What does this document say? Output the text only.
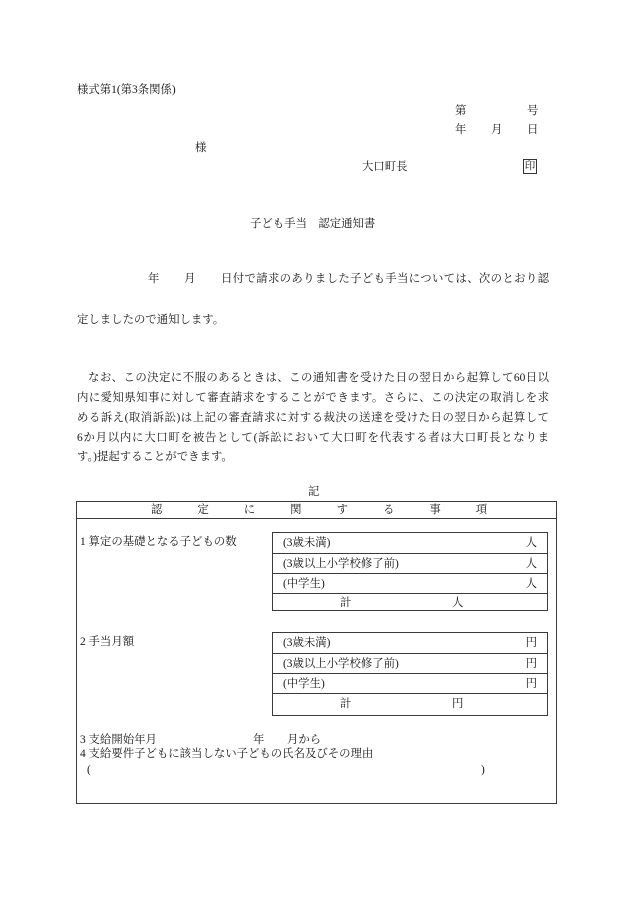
様式第1(第3条関係)
第	号
年 月 日
様
大口町長	印
子ども手当　認定通知書
年 月 日付で請求のありました子ども手当については、次のとおり認
定しましたので通知します。
なお、この決定に不服のあるときは、この通知書を受けた日の翌日から起算して60日以
内に愛知県知事に対して審査請求をすることができます。さらに、この決定の取消しを求
める訴え(取消訴訟)は上記の審査請求に対する裁決の送達を受けた日の翌日から起算して
6か月以内に大口町を被告として(訴訟において大口町を代表する者は大口町長となりま
す。)提起することができます。
記
認定に関する事項
1 算定の基礎となる子どもの数	(3歳未満)	人
(3歳以上小学校修了前)	人
(中学生)	人
計	人
2 手当月額	(3歳未満)	円
(3歳以上小学校修了前)	円
(中学生)	円
計	円
3 支給開始年月	年 月から
4 支給要件子どもに該当しない子どもの氏名及びその理由
(	)
